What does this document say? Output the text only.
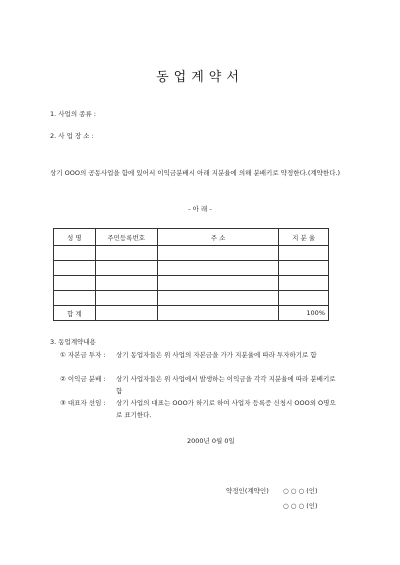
동업계약서
1. 사업의 종류 :
2. 사 업 장 소 :
상기 OOO의 공동사업을 함에 있어서 이익금분배시 아래 지분율에 의해 분배키로 약정한다.(계약한다.)
- 아 래 -
성 명	주민등록번호	주 소	지 분 율

합 계			100%
3. 동업계약내용
① 자본금 투자 : 상기 동업자들은 위 사업의 자본금을 가가 지분율에 따라 투자하기로 함
② 이익금 분배 : 상기 사업자들은 위 사업에서 발생하는 이익금을 각각 지분율에 따라 분배키로 함
③ 대표자 선임 : 상기 사업의 대표는 OOO가 하기로 하여 사업자 등록증 신청시 OOO외 O명으로 표기한다.
2000년 0월 0일
약정인(계약인) ○ ○ ○ (인)
○ ○ ○ (인)
